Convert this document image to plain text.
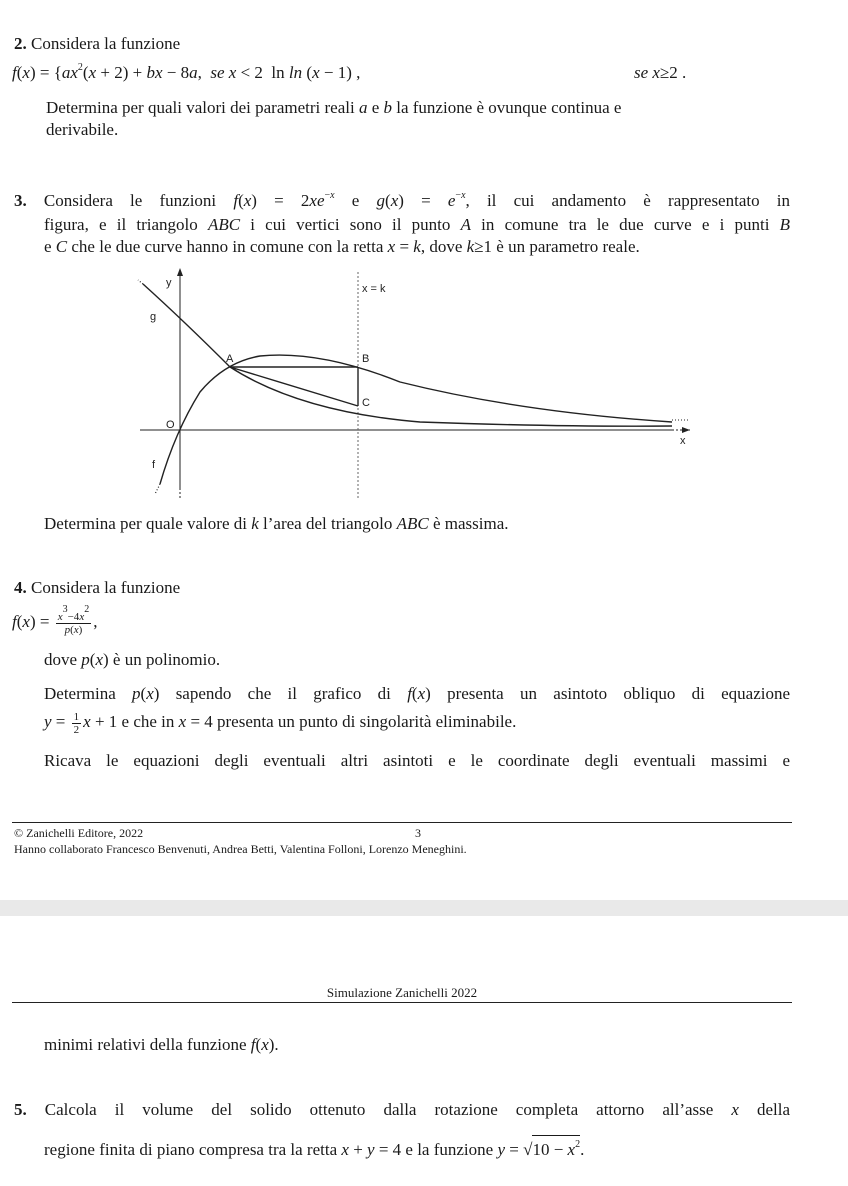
2. Considera la funzione
$f(x) = \{ax^2(x + 2)$ + bx − 8a,  se x < 2  ln ln (x − 1) ,	se x≥2 .
Determina per quali valori dei parametri reali a e b la funzione è ovunque continua e
derivabile.
3. Considera le funzioni $f(x) = 2xe^{-x}$ e $g(x) = e^{-x}$, il cui andamento è rappresentato in
figura, e il triangolo ABC i cui vertici sono il punto A in comune tra le due curve e i punti B
e C che le due curve hanno in comune con la retta x = k, dove k≥1 è un parametro reale.
y
g
x = k
A	B
C
O
x
f
Determina per quale valore di k l’area del triangolo ABC è massima.
4. Considera la funzione
$f(x) = \frac{x^3-4x^2}{p(x)}$ ,
dove p(x) è un polinomio.
Determina p(x) sapendo che il grafico di f(x) presenta un asintoto obliquo di equazione
$y = \frac{1}{2}$ x + 1 e che in x = 4 presenta un punto di singolarità eliminabile.
Ricava le equazioni degli eventuali altri asintoti e le coordinate degli eventuali massimi e
© Zanichelli Editore, 2022	3
Hanno collaborato Francesco Benvenuti, Andrea Betti, Valentina Folloni, Lorenzo Meneghini.
Simulazione Zanichelli 2022
minimi relativi della funzione f(x).
5. Calcola il volume del solido ottenuto dalla rotazione completa attorno all’asse x della
regione finita di piano compresa tra la retta x + y = 4 e la funzione $y = √10 - x^2$.
